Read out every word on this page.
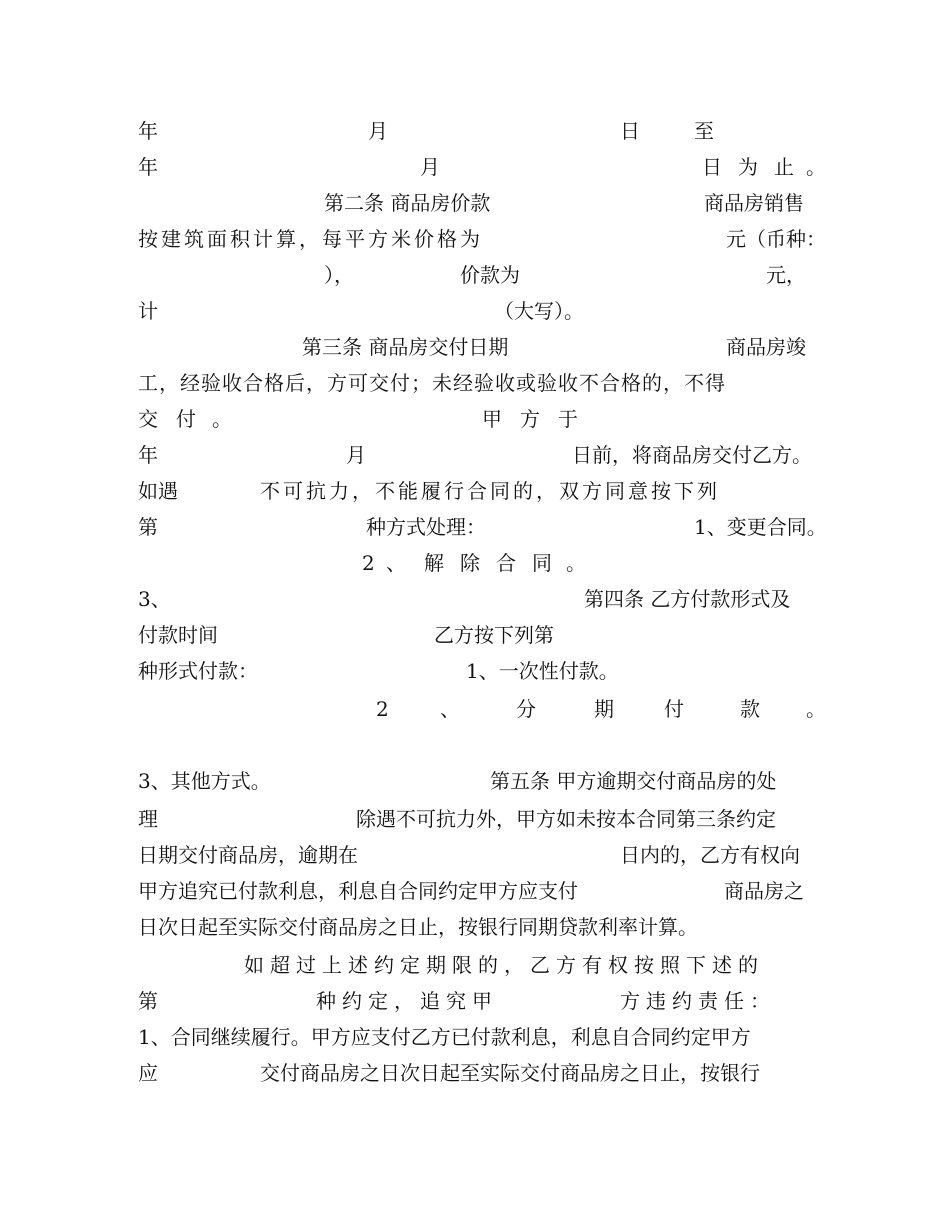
年	月	日	至
年	月	日 为 止 。
第二条 商品房价款	商品房销售
按建筑面积计算，每平方米价格为	元（币种：
），	价款为	元，
计	（大写）。
第三条 商品房交付日期	商品房竣
工，经验收合格后，方可交付；未经验收或验收不合格的，不得
交 付 。	甲 方 于
年	月	日前，将商品房交付乙方。
如遇	不可抗力，不能履行合同的，双方同意按下列
第	种方式处理：	1、变更合同。
2 、 解 除 合 同 。
3、	第四条 乙方付款形式及
付款时间	乙方按下列第
种形式付款：	1、一次性付款。
2	、	分	期	付	款 。
3、其他方式。	第五条 甲方逾期交付商品房的处
理	除遇不可抗力外，甲方如未按本合同第三条约定
日期交付商品房，逾期在	日内的，乙方有权向
甲方追究已付款利息，利息自合同约定甲方应支付	商品房之
日次日起至实际交付商品房之日止，按银行同期贷款利率计算。
如超过上述约定期限的，乙方有权按照下述的
第	种约定，追究甲	方违约责任：
1、合同继续履行。甲方应支付乙方已付款利息，利息自合同约定甲方
应	交付商品房之日次日起至实际交付商品房之日止，按银行
